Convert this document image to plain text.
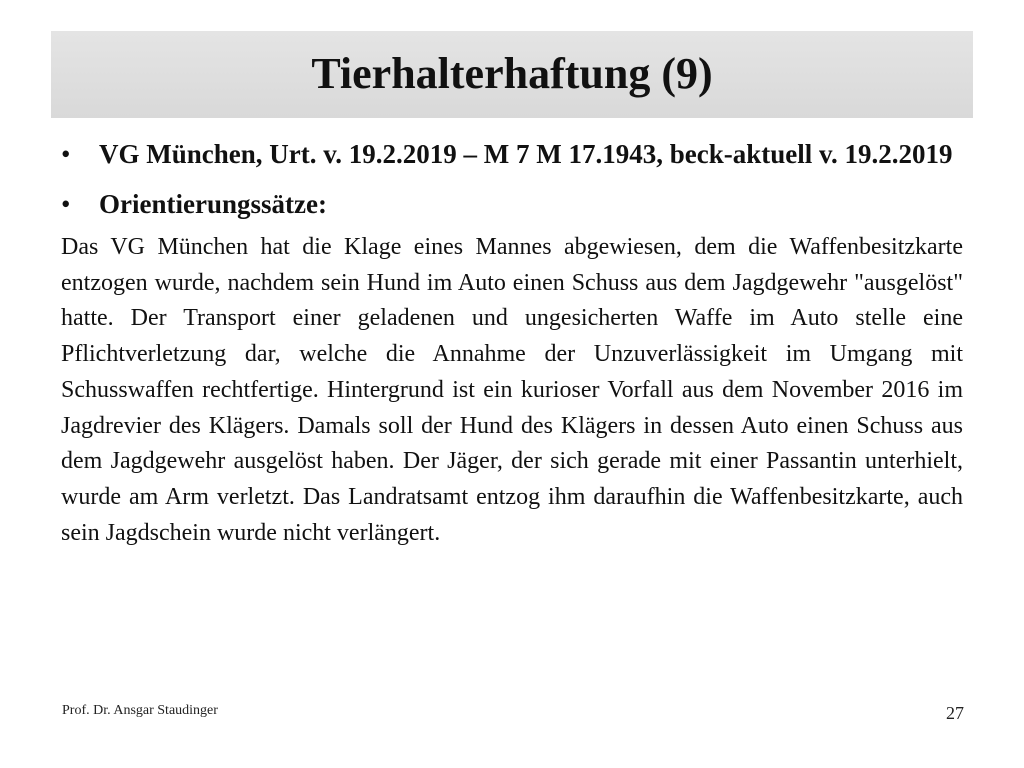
Tierhalterhaftung (9)
•	VG München, Urt. v. 19.2.2019 – M 7 M 17.1943, beck-aktuell v. 19.2.2019
•	Orientierungssätze:

Das VG München hat die Klage eines Mannes abgewiesen, dem die Waffenbesitzkarte entzogen wurde, nachdem sein Hund im Auto einen Schuss aus dem Jagdgewehr "ausgelöst" hatte. Der Transport einer geladenen und ungesicherten Waffe im Auto stelle eine Pflichtverletzung dar, welche die Annahme der Unzuverlässigkeit im Umgang mit Schusswaffen rechtfertige. Hintergrund ist ein kurioser Vorfall aus dem November 2016 im Jagdrevier des Klägers. Damals soll der Hund des Klägers in dessen Auto einen Schuss aus dem Jagdgewehr ausgelöst haben. Der Jäger, der sich gerade mit einer Passantin unterhielt, wurde am Arm verletzt. Das Landratsamt entzog ihm daraufhin die Waffenbesitzkarte, auch sein Jagdschein wurde nicht verlängert.

Prof. Dr. Ansgar Staudinger	27
